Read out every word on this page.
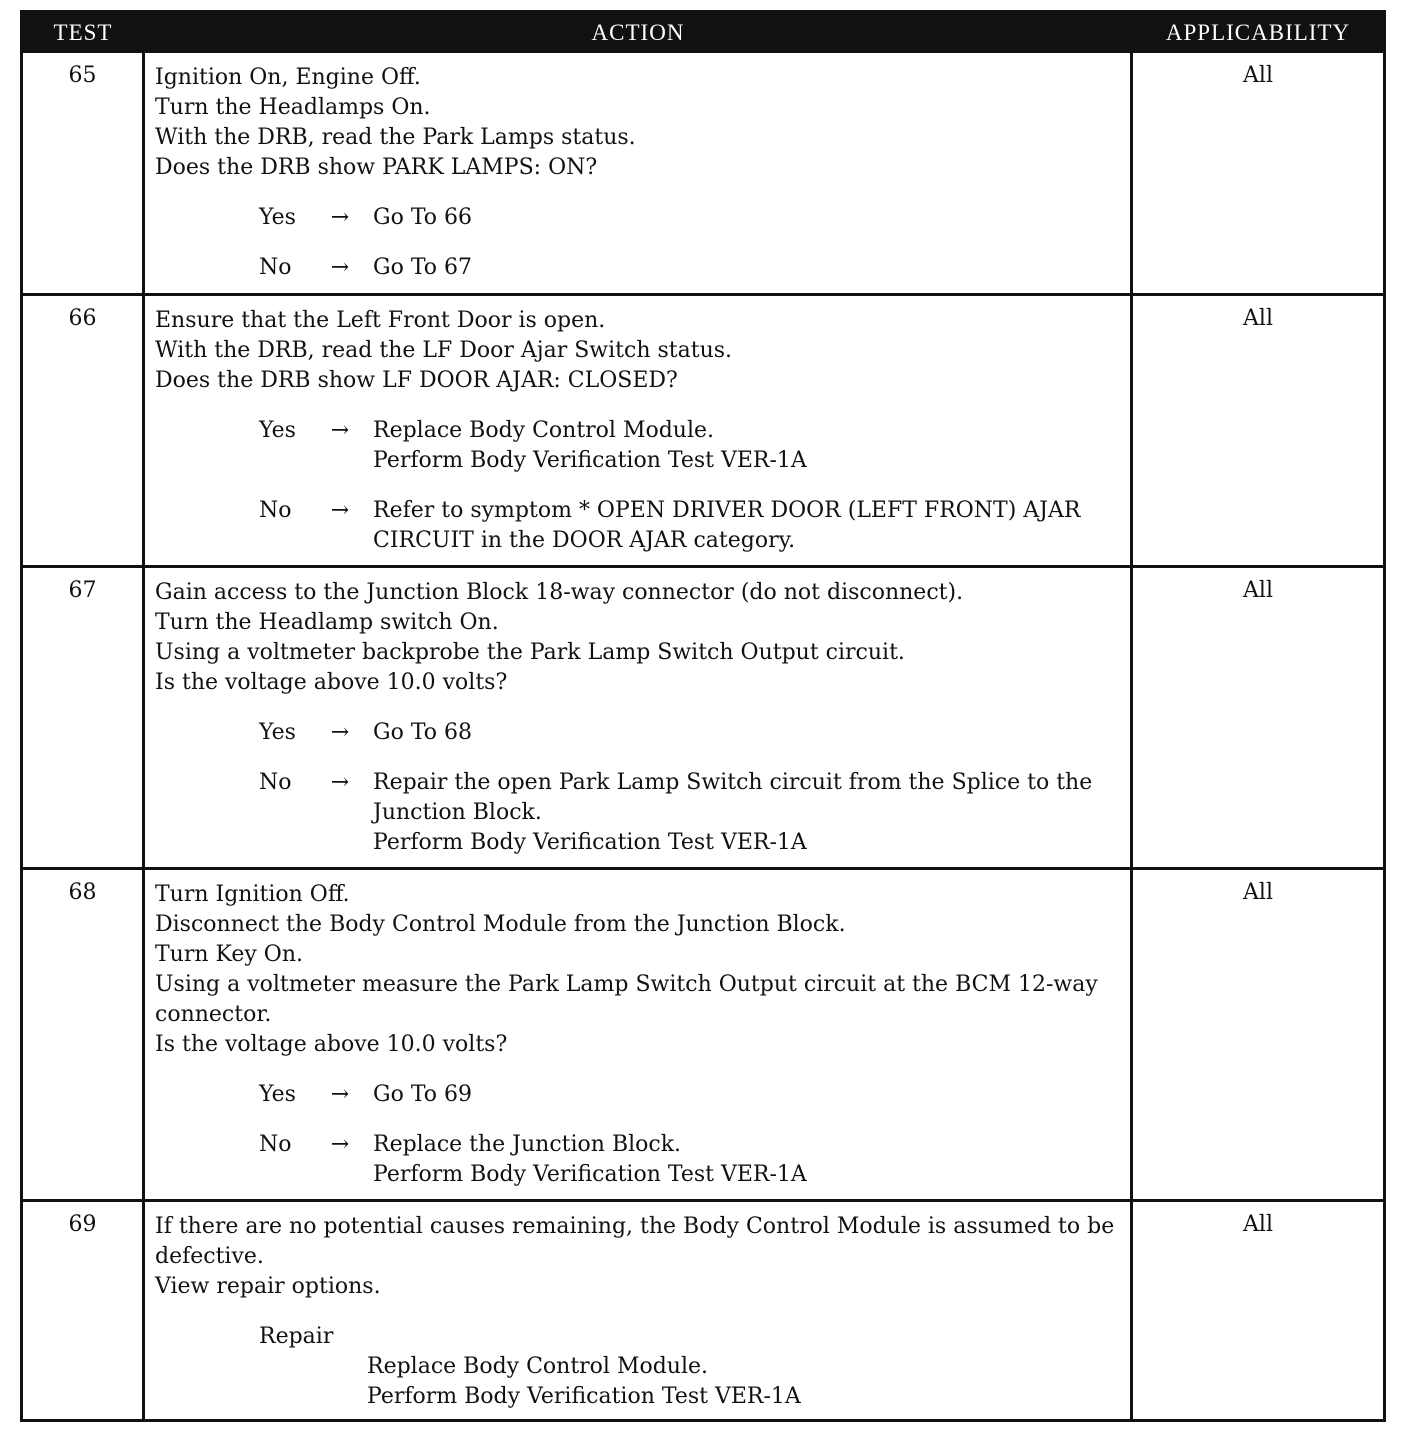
TEST	ACTION	APPLICABILITY
65	Ignition On, Engine Off.
Turn the Headlamps On.
With the DRB, read the Park Lamps status.
Does the DRB show PARK LAMPS: ON?
Yes	→ Go To 66
No	→ Go To 67
All
66	Ensure that the Left Front Door is open.
With the DRB, read the LF Door Ajar Switch status.
Does the DRB show LF DOOR AJAR: CLOSED?
Yes	→ Replace Body Control Module.
Perform Body Verification Test VER-1A
No	→ Refer to symptom * OPEN DRIVER DOOR (LEFT FRONT) AJAR
CIRCUIT in the DOOR AJAR category.
All
67	Gain access to the Junction Block 18-way connector (do not disconnect).
Turn the Headlamp switch On.
Using a voltmeter backprobe the Park Lamp Switch Output circuit.
Is the voltage above 10.0 volts?
Yes	→ Go To 68
No	→ Repair the open Park Lamp Switch circuit from the Splice to the
Junction Block.
Perform Body Verification Test VER-1A
All
68	Turn Ignition Off.
Disconnect the Body Control Module from the Junction Block.
Turn Key On.
Using a voltmeter measure the Park Lamp Switch Output circuit at the BCM 12-way
connector.
Is the voltage above 10.0 volts?
Yes	→ Go To 69
No	→ Replace the Junction Block.
Perform Body Verification Test VER-1A
All
69	If there are no potential causes remaining, the Body Control Module is assumed to be
defective.
View repair options.
Repair
Replace Body Control Module.
Perform Body Verification Test VER-1A
All
